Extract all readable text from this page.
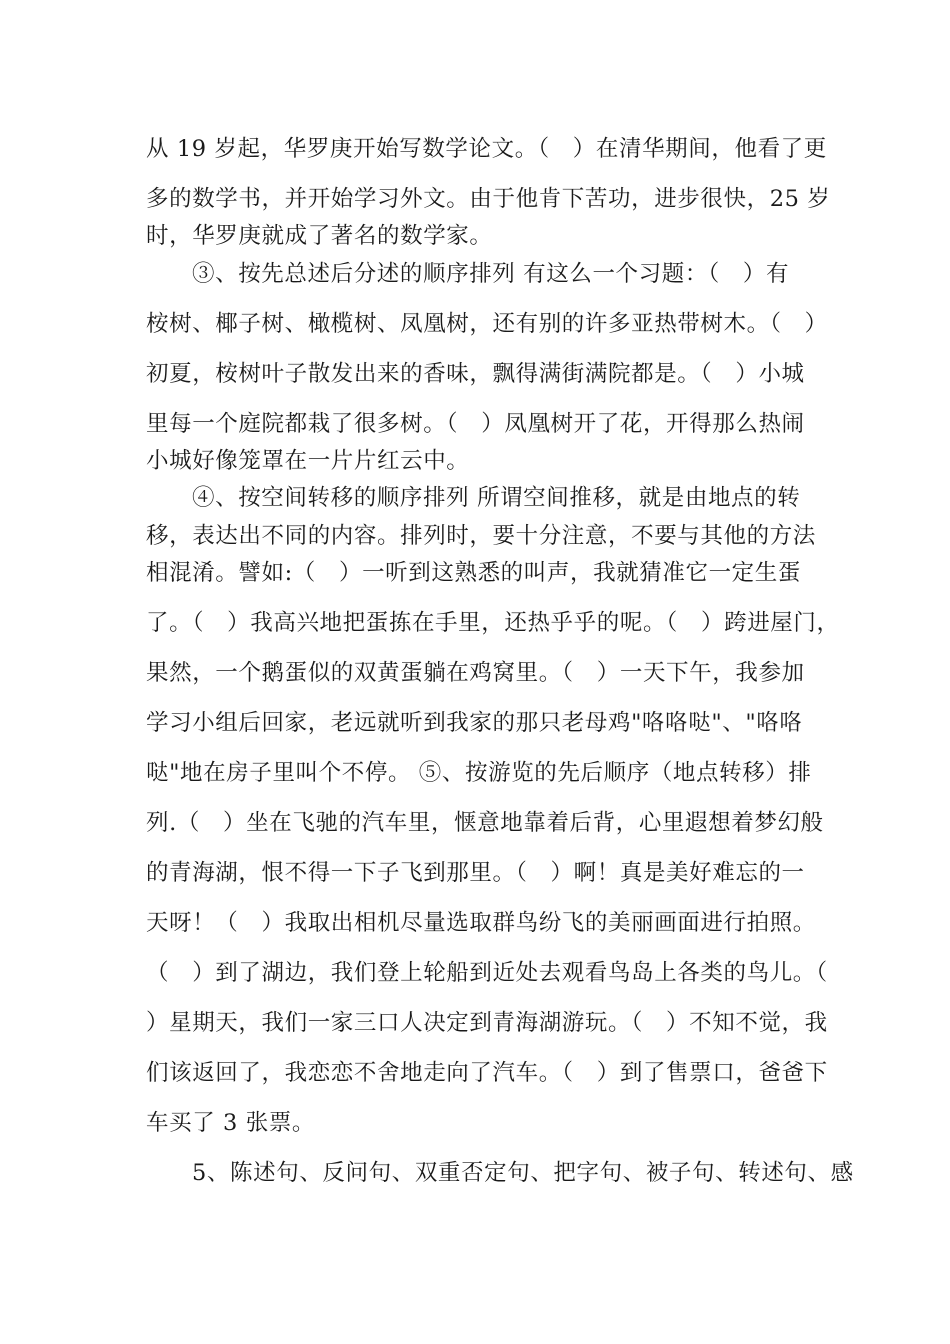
从 19 岁起，华罗庚开始写数学论文。（　）在清华期间，他看了更
多的数学书，并开始学习外文。由于他肯下苦功，进步很快，25 岁
时，华罗庚就成了著名的数学家。
③、按先总述后分述的顺序排列 有这么一个习题：（　）有
桉树、椰子树、橄榄树、凤凰树，还有别的许多亚热带树木。（　）
初夏，桉树叶子散发出来的香味，飘得满街满院都是。（　）小城
里每一个庭院都栽了很多树。（　）凤凰树开了花，开得那么热闹
小城好像笼罩在一片片红云中。
④、按空间转移的顺序排列 所谓空间推移，就是由地点的转
移，表达出不同的内容。排列时，要十分注意，不要与其他的方法
相混淆。譬如:（　）一听到这熟悉的叫声，我就猜准它一定生蛋
了。（　）我高兴地把蛋拣在手里，还热乎乎的呢。（　）跨进屋门，
果然，一个鹅蛋似的双黄蛋躺在鸡窝里。（　）一天下午，我参加
学习小组后回家，老远就听到我家的那只老母鸡"咯咯哒"、"咯咯
哒"地在房子里叫个不停。 ⑤、按游览的先后顺序（地点转移）排
列.（　）坐在飞驰的汽车里，惬意地靠着后背，心里遐想着梦幻般
的青海湖，恨不得一下子飞到那里。（　）啊！真是美好难忘的一
天呀！（　）我取出相机尽量选取群鸟纷飞的美丽画面进行拍照。
（　）到了湖边，我们登上轮船到近处去观看鸟岛上各类的鸟儿。（
）星期天，我们一家三口人决定到青海湖游玩。（　）不知不觉，我
们该返回了，我恋恋不舍地走向了汽车。（　）到了售票口，爸爸下
车买了 3 张票。
5、陈述句、反问句、双重否定句、把字句、被子句、转述句、感
